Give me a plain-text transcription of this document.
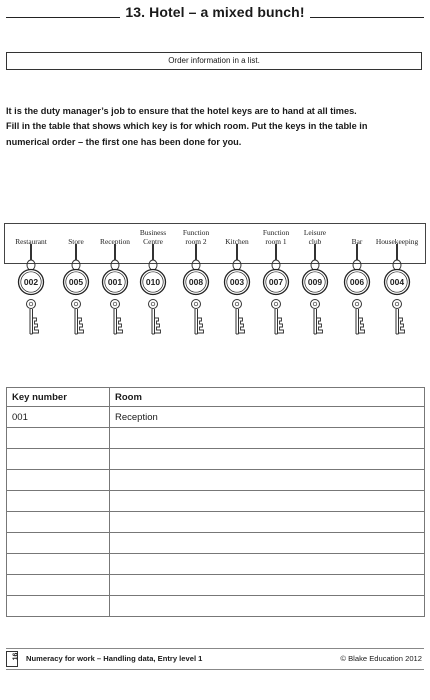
13. Hotel – a mixed bunch!
Order information in a list.

It is the duty manager’s job to ensure that the hotel keys are to hand at all times.

Fill in the table that shows which key is for which room. Put the keys in the table in

numerical order – the first one has been done for you.

Restaurant	Store Reception
Business
Centre
Function
room 2	Kitchen
Function
room 1
Leisure
club	Bar Housekeeping
002	005	001	010	008	003	007	009	006	004
Key number	Room
001	Reception

16 Numeracy for work – Handling data, Entry level 1	© Blake Education 2012
